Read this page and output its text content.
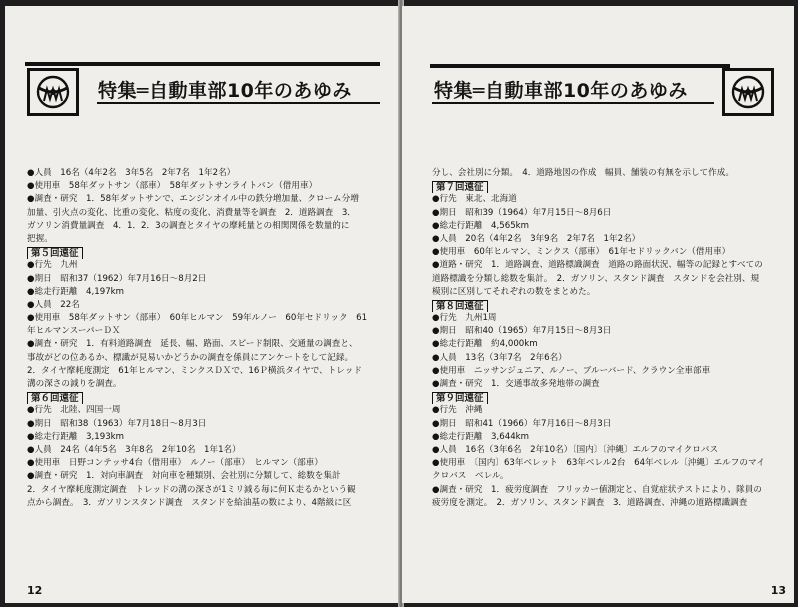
特集═自動車部10年のあゆみ
●人員　16名（4年2名　3年5名　2年7名　1年2名）
●使用車　58年ダットサン（部車）　58年ダットサンライトバン（借用車）
●調査・研究　1．58年ダットサンで、エンジンオイル中の鉄分増加量、クローム分増
加量、引火点の変化、比重の変化、粘度の変化、消費量等を調査　2．道路調査　3．
ガソリン消費量調査　4．1．2．3の調査とタイヤの摩耗量との相関関係を数量的に
把握。
第５回遠征
●行先　九州
●期日　昭和37（1962）年7月16日～8月2日
●総走行距離　4,197km
●人員　22名
●使用車　58年ダットサン（部車）　60年ヒルマン　59年ルノー　60年セドリック　61
年ヒルマンスーパーＤＸ
●調査・研究　1．有料道路調査　延長、幅、路面、スピード制限、交通量の調査と、
事故がどの位あるか、標識が見易いかどうかの調査を係員にアンケートをして記録。
2．タイヤ摩耗度測定　61年ヒルマン、ミンクスＤＸで、16Ｐ横浜タイヤで、トレッド
溝の深さの減りを調査。
第６回遠征
●行先　北陸、四国一周
●期日　昭和38（1963）年7月18日～8月3日
●総走行距離　3,193km
●人員　24名（4年5名　3年8名　2年10名　1年1名）
●使用車　日野コンテッサ4台（借用車）　ルノー（部車）　ヒルマン（部車）
●調査・研究　1．対向車調査　対向車を種類別、会社別に分類して、総数を集計
2．タイヤ摩耗度測定調査　トレッドの溝の深さが1ミリ減る毎に何Ｋ走るかという観
点から調査。　3．ガソリンスタンド調査　スタンドを給油基の数により、4階級に区
12
特集═自動車部10年のあゆみ
分し、会社別に分類。　4．道路地図の作成　幅員、舗装の有無を示して作成。
第７回遠征
●行先　東北、北海道
●期日　昭和39（1964）年7月15日～8月6日
●総走行距離　4,565km
●人員　20名（4年2名　3年9名　2年7名　1年2名）
●使用車　60年ヒルマン、ミンクス（部車）　61年セドリックバン（借用車）
●道路・研究　1．道路調査、道路標識調査　道路の路面状況、幅等の記録とすべての
道路標識を分類し総数を集計。　2．ガソリン、スタンド調査　スタンドを会社別、規
模別に区別してそれぞれの数をまとめた。
第８回遠征
●行先　九州1周
●期日　昭和40（1965）年7月15日～8月3日
●総走行距離　約4,000km
●人員　13名（3年7名　2年6名）
●使用車　ニッサンジュニア、ルノー、ブルーバード、クラウン全車部車
●調査・研究　1．交通事故多発地帯の調査
第９回遠征
●行先　沖縄
●期日　昭和41（1966）年7月16日～8月3日
●総走行距離　3,644km
●人員　16名（3年6名　2年10名）〔国内〕〔沖縄〕エルフのマイクロバス
●使用車　〔国内〕63年ベレット　63年ベレル2台　64年ベレル〔沖縄〕エルフのマイ
クロバス　ベレル。
●調査・研究　1．疲労度調査　フリッカー値測定と、自覚症状テストにより、隊員の
疲労度を測定。　2．ガソリン、スタンド調査　3．道路調査、沖縄の道路標識調査
13
